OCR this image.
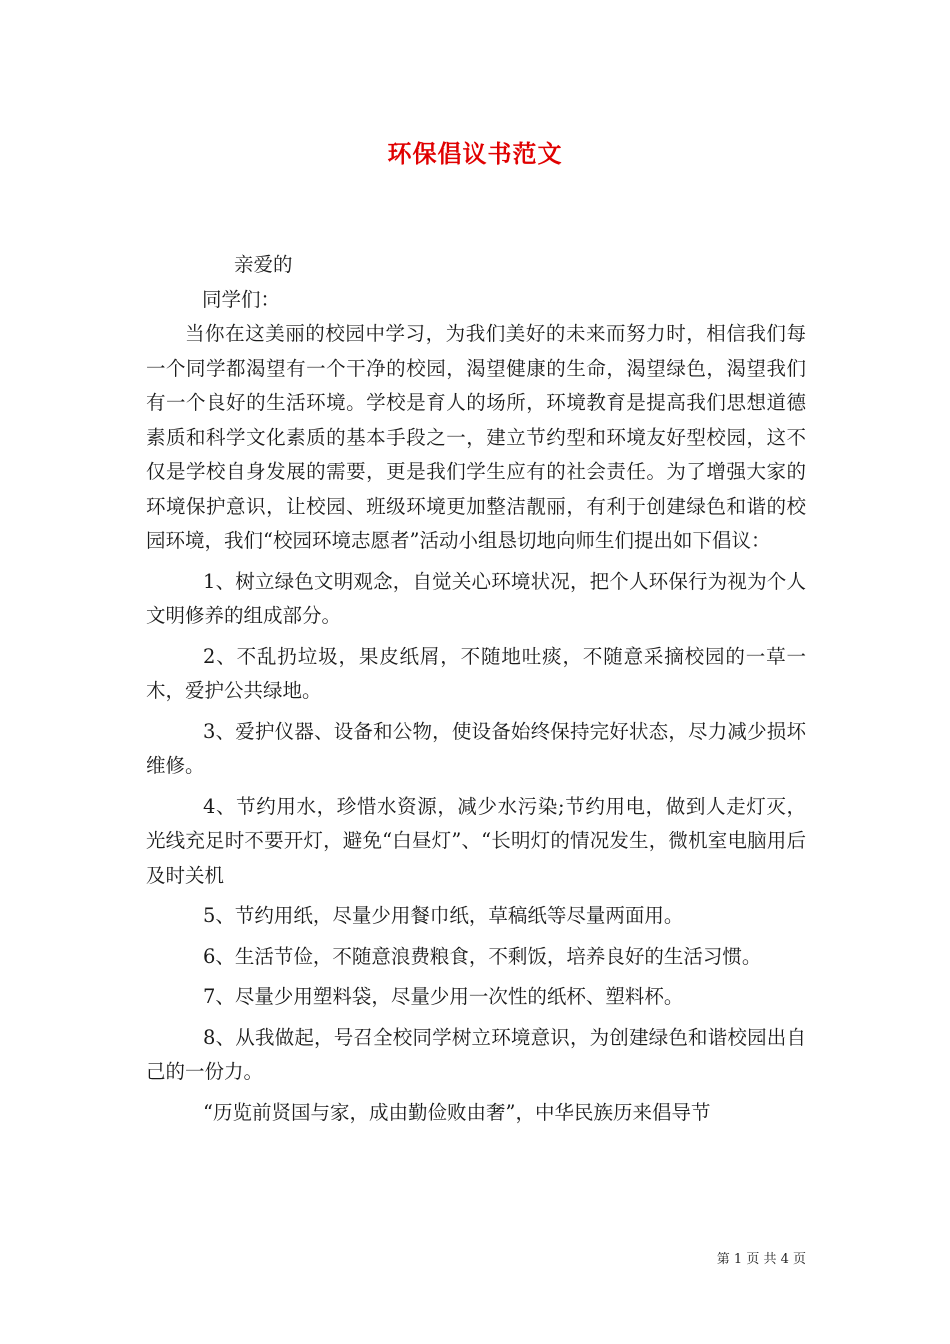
环保倡议书范文

亲爱的

同学们：

当你在这美丽的校园中学习，为我们美好的未来而努力时，相信我们每一个同学都渴望有一个干净的校园，渴望健康的生命，渴望绿色，渴望我们有一个良好的生活环境。学校是育人的场所，环境教育是提高我们思想道德素质和科学文化素质的基本手段之一，建立节约型和环境友好型校园，这不仅是学校自身发展的需要，更是我们学生应有的社会责任。为了增强大家的环境保护意识，让校园、班级环境更加整洁靓丽，有利于创建绿色和谐的校园环境，我们“校园环境志愿者”活动小组恳切地向师生们提出如下倡议：

1、树立绿色文明观念，自觉关心环境状况，把个人环保行为视为个人文明修养的组成部分。

2、不乱扔垃圾，果皮纸屑，不随地吐痰，不随意采摘校园的一草一木，爱护公共绿地。

3、爱护仪器、设备和公物，使设备始终保持完好状态，尽力减少损坏维修。

4、节约用水，珍惜水资源，减少水污染;节约用电，做到人走灯灭，光线充足时不要开灯，避免“白昼灯”、“长明灯的情况发生，微机室电脑用后及时关机

5、节约用纸，尽量少用餐巾纸，草稿纸等尽量两面用。

6、生活节俭，不随意浪费粮食，不剩饭，培养良好的生活习惯。

7、尽量少用塑料袋，尽量少用一次性的纸杯、塑料杯。

8、从我做起，号召全校同学树立环境意识，为创建绿色和谐校园出自己的一份力。

“历览前贤国与家，成由勤俭败由奢”，中华民族历来倡导节

第 1 页 共 4 页
